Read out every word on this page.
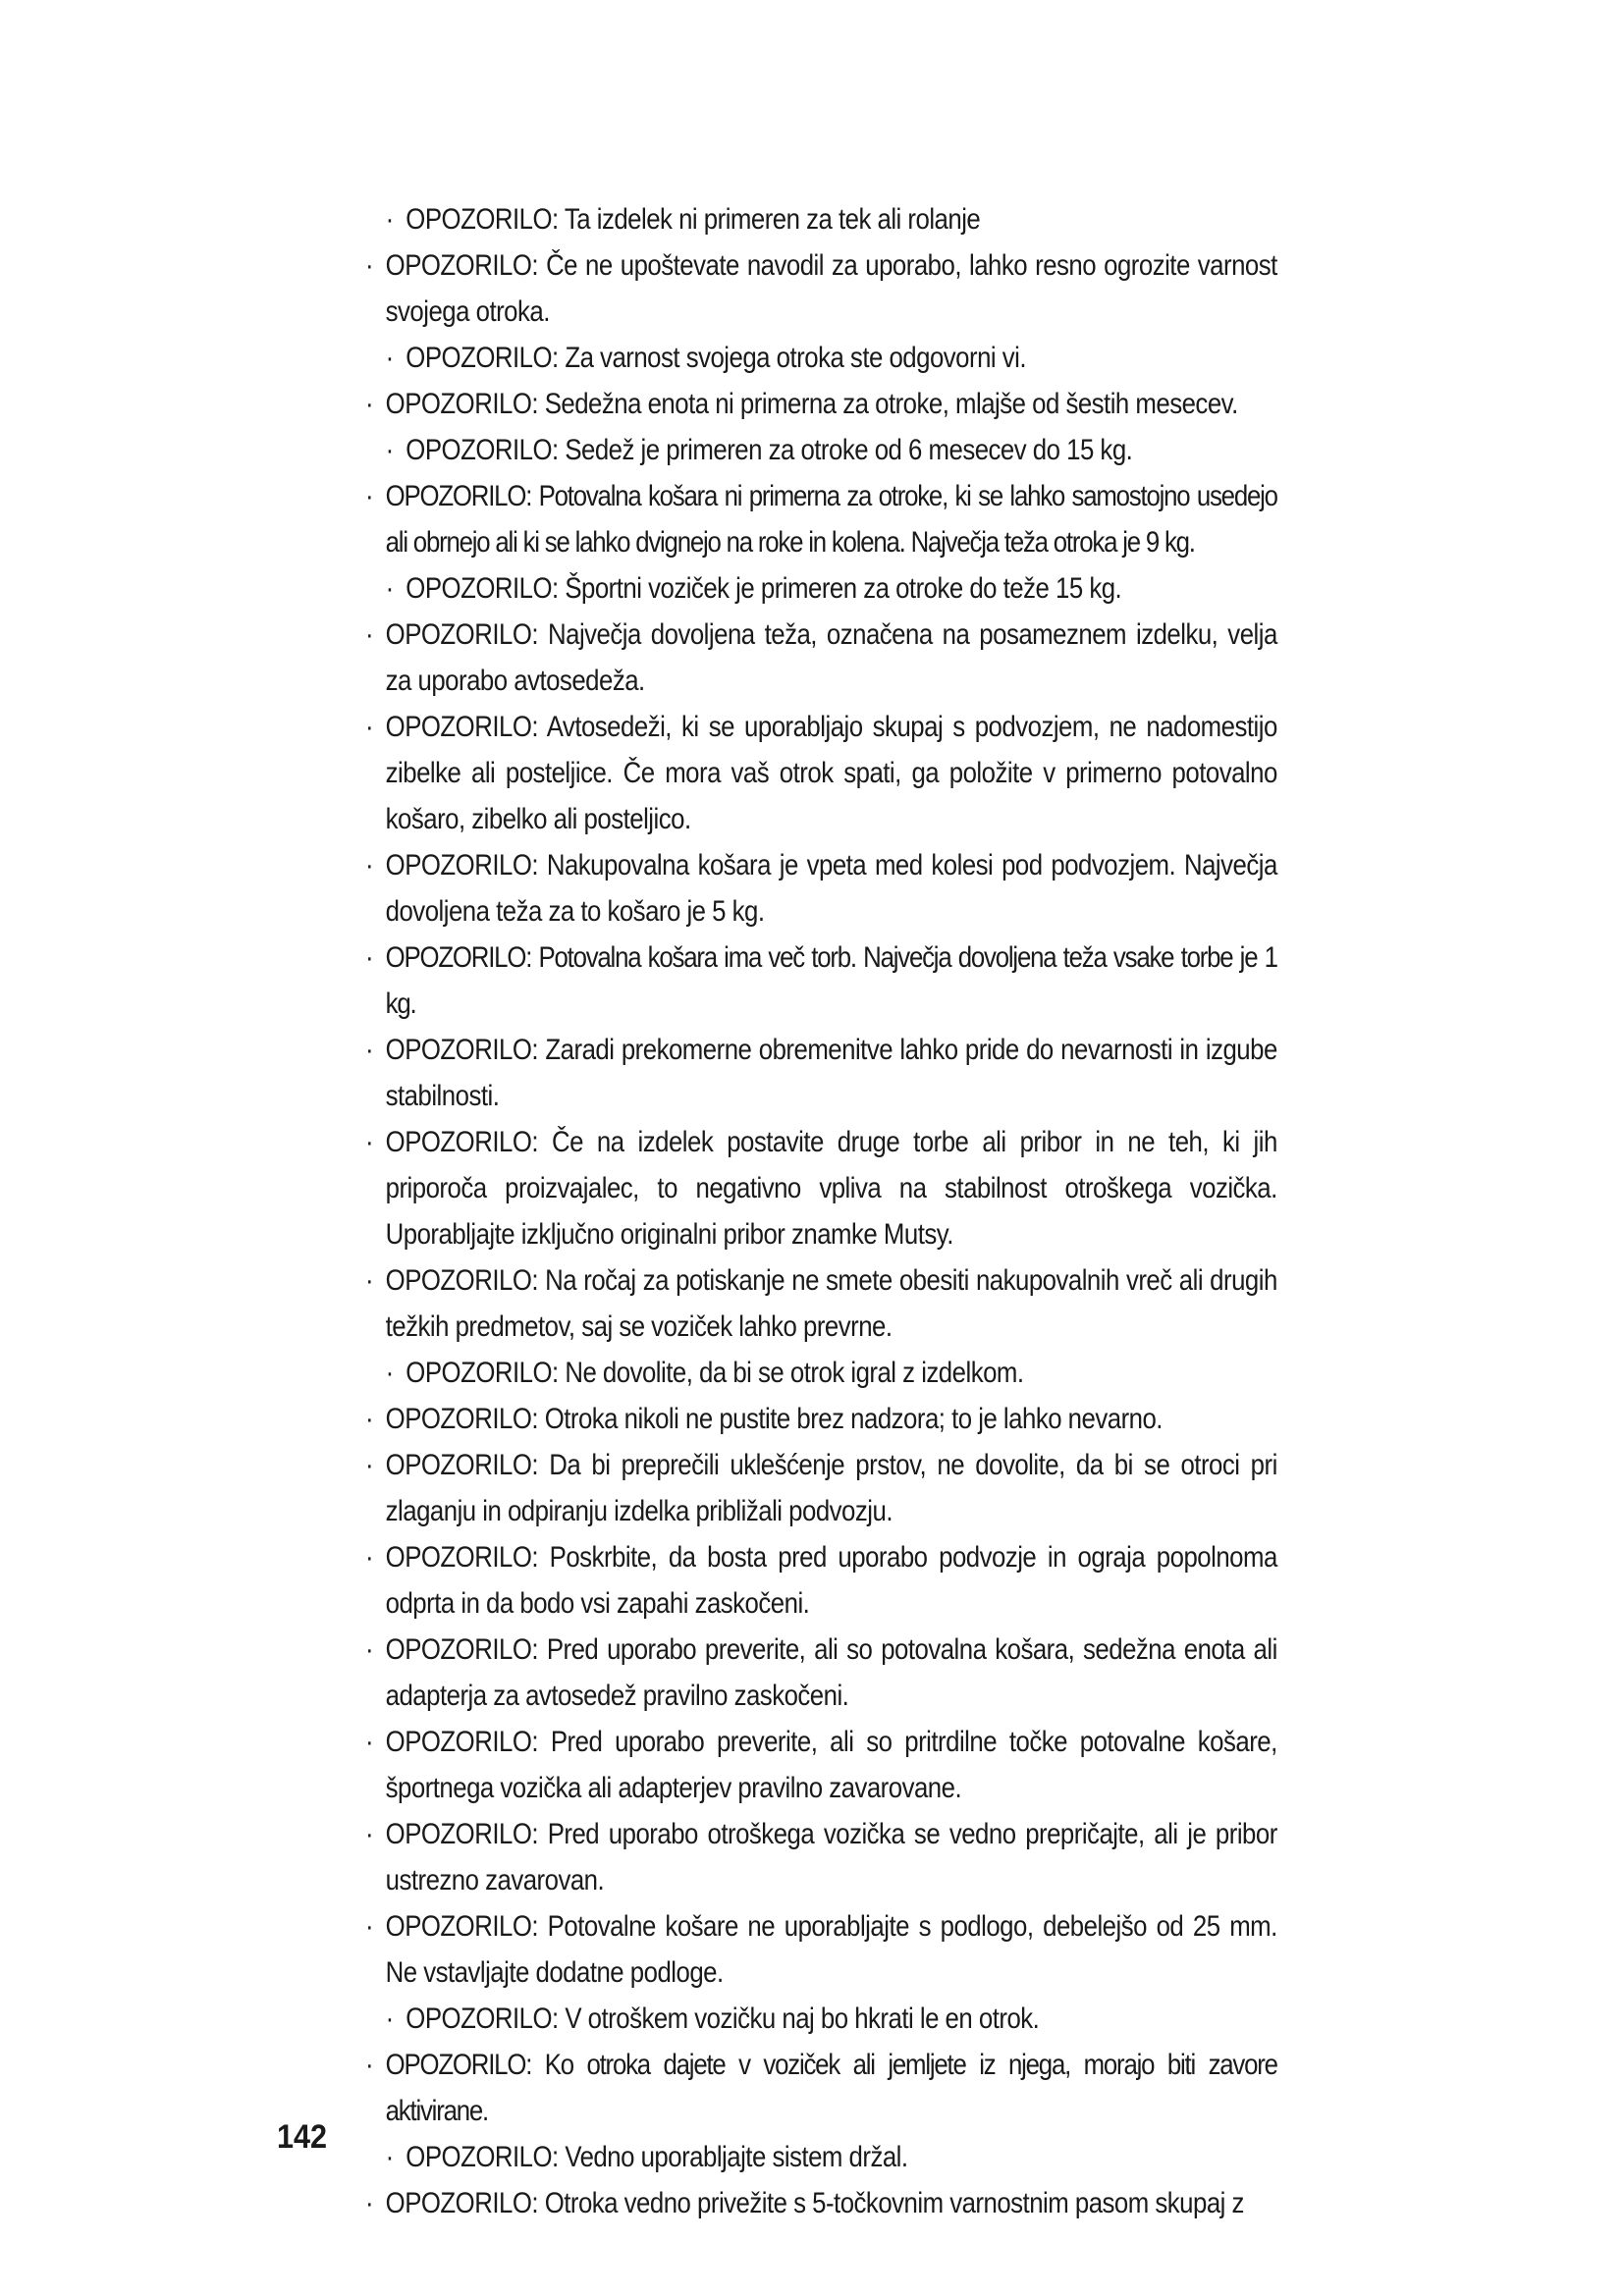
· OPOZORILO: Ta izdelek ni primeren za tek ali rolanje
· OPOZORILO: Če ne upoštevate navodil za uporabo, lahko resno ogrozite varnost svojega otroka.
· OPOZORILO: Za varnost svojega otroka ste odgovorni vi.
· OPOZORILO: Sedežna enota ni primerna za otroke, mlajše od šestih mesecev.
· OPOZORILO: Sedež je primeren za otroke od 6 mesecev do 15 kg.
· OPOZORILO: Potovalna košara ni primerna za otroke, ki se lahko samostojno usedejo ali obrnejo ali ki se lahko dvignejo na roke in kolena. Največja teža otroka je 9 kg.
· OPOZORILO: Športni voziček je primeren za otroke do teže 15 kg.
· OPOZORILO: Največja dovoljena teža, označena na posameznem izdelku, velja za uporabo avtosedeža.
· OPOZORILO: Avtosedeži, ki se uporabljajo skupaj s podvozjem, ne nadomestijo zibelke ali posteljice. Če mora vaš otrok spati, ga položite v primerno potovalno košaro, zibelko ali posteljico.
· OPOZORILO: Nakupovalna košara je vpeta med kolesi pod podvozjem. Največja dovoljena teža za to košaro je 5 kg.
· OPOZORILO: Potovalna košara ima več torb. Največja dovoljena teža vsake torbe je 1 kg.
· OPOZORILO: Zaradi prekomerne obremenitve lahko pride do nevarnosti in izgube stabilnosti.
· OPOZORILO: Če na izdelek postavite druge torbe ali pribor in ne teh, ki jih priporoča proizvajalec, to negativno vpliva na stabilnost otroškega vozička. Uporabljajte izključno originalni pribor znamke Mutsy.
· OPOZORILO: Na ročaj za potiskanje ne smete obesiti nakupovalnih vreč ali drugih težkih predmetov, saj se voziček lahko prevrne.
· OPOZORILO: Ne dovolite, da bi se otrok igral z izdelkom.
· OPOZORILO: Otroka nikoli ne pustite brez nadzora; to je lahko nevarno.
· OPOZORILO: Da bi preprečili uklešćenje prstov, ne dovolite, da bi se otroci pri zlaganju in odpiranju izdelka približali podvozju.
· OPOZORILO: Poskrbite, da bosta pred uporabo podvozje in ograja popolnoma odprta in da bodo vsi zapahi zaskočeni.
· OPOZORILO: Pred uporabo preverite, ali so potovalna košara, sedežna enota ali adapterja za avtosedež pravilno zaskočeni.
· OPOZORILO: Pred uporabo preverite, ali so pritrdilne točke potovalne košare, športnega vozička ali adapterjev pravilno zavarovane.
· OPOZORILO: Pred uporabo otroškega vozička se vedno prepričajte, ali je pribor ustrezno zavarovan.
· OPOZORILO: Potovalne košare ne uporabljajte s podlogo, debelejšo od 25 mm. Ne vstavljajte dodatne podloge.
· OPOZORILO: V otroškem vozičku naj bo hkrati le en otrok.
· OPOZORILO: Ko otroka dajete v voziček ali jemljete iz njega, morajo biti zavore aktivirane.
· OPOZORILO: Vedno uporabljajte sistem držal.
· OPOZORILO: Otroka vedno privežite s 5-točkovnim varnostnim pasom skupaj z
142
